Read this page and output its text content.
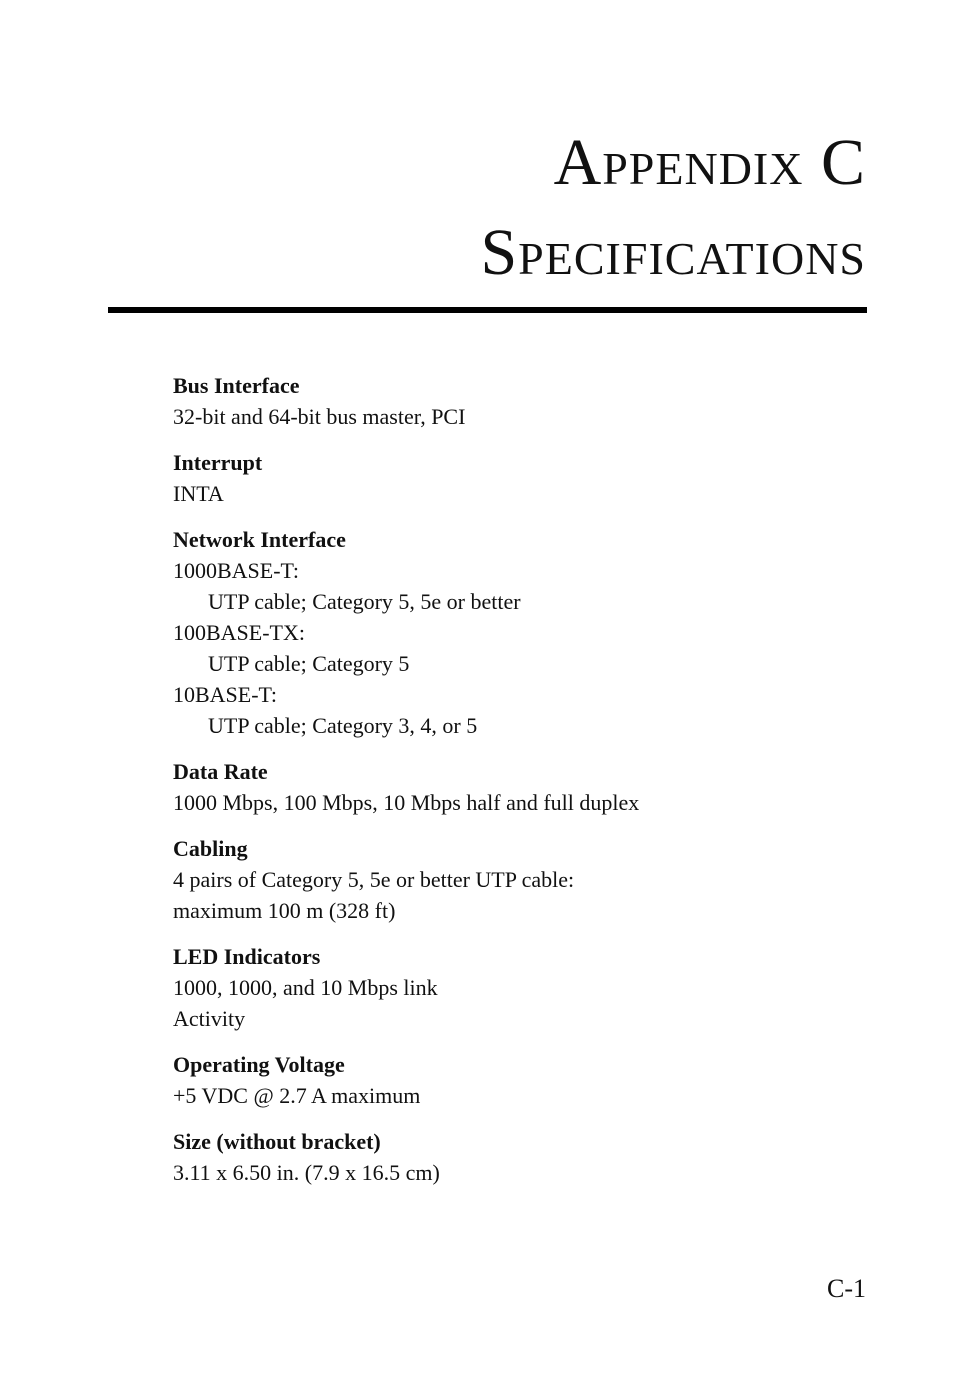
Appendix C
Specifications
Bus Interface
32-bit and 64-bit bus master, PCI
Interrupt
INTA
Network Interface
1000BASE-T:
UTP cable; Category 5, 5e or better
100BASE-TX:
UTP cable; Category 5
10BASE-T:
UTP cable; Category 3, 4, or 5
Data Rate
1000 Mbps, 100 Mbps, 10 Mbps half and full duplex
Cabling
4 pairs of Category 5, 5e or better UTP cable:
maximum 100 m (328 ft)
LED Indicators
1000, 1000, and 10 Mbps link
Activity
Operating Voltage
+5 VDC @ 2.7 A maximum
Size (without bracket)
3.11 x 6.50 in. (7.9 x 16.5 cm)
C-1
